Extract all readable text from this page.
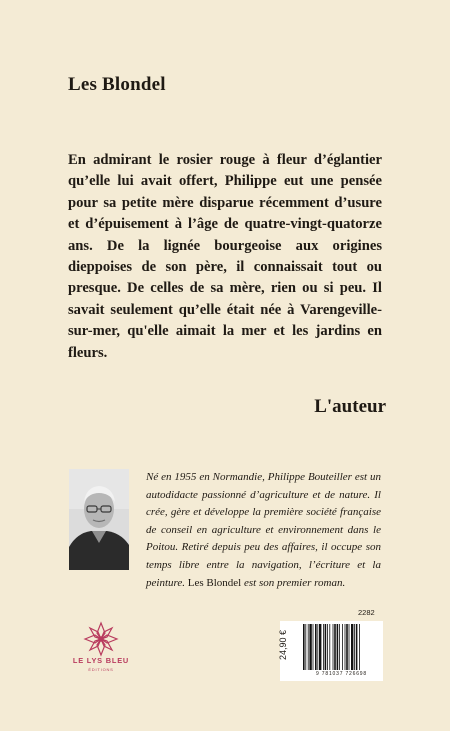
Les Blondel

En admirant le rosier rouge à fleur d’églantier qu’elle lui avait offert, Philippe eut une pensée pour sa petite mère disparue récemment d’usure et d’épuisement à l’âge de quatre-vingt-quatorze ans. De la lignée bourgeoise aux origines dieppoises de son père, il connaissait tout ou presque. De celles de sa mère, rien ou si peu. Il savait seulement qu’elle était née à Varengeville-sur-mer, qu'elle aimait la mer et les jardins en fleurs.

L'auteur

Né en 1955 en Normandie, Philippe Bouteiller est un autodidacte passionné d’agriculture et de nature. Il crée, gère et développe la première société française de conseil en agriculture et environnement dans le Poitou. Retiré depuis peu des affaires, il occupe son temps libre entre la navigation, l’écriture et la peinture. Les Blondel est son premier roman.

LE LYS BLEU
ÉDITIONS
2282
24,90 €
9 781037 726698
